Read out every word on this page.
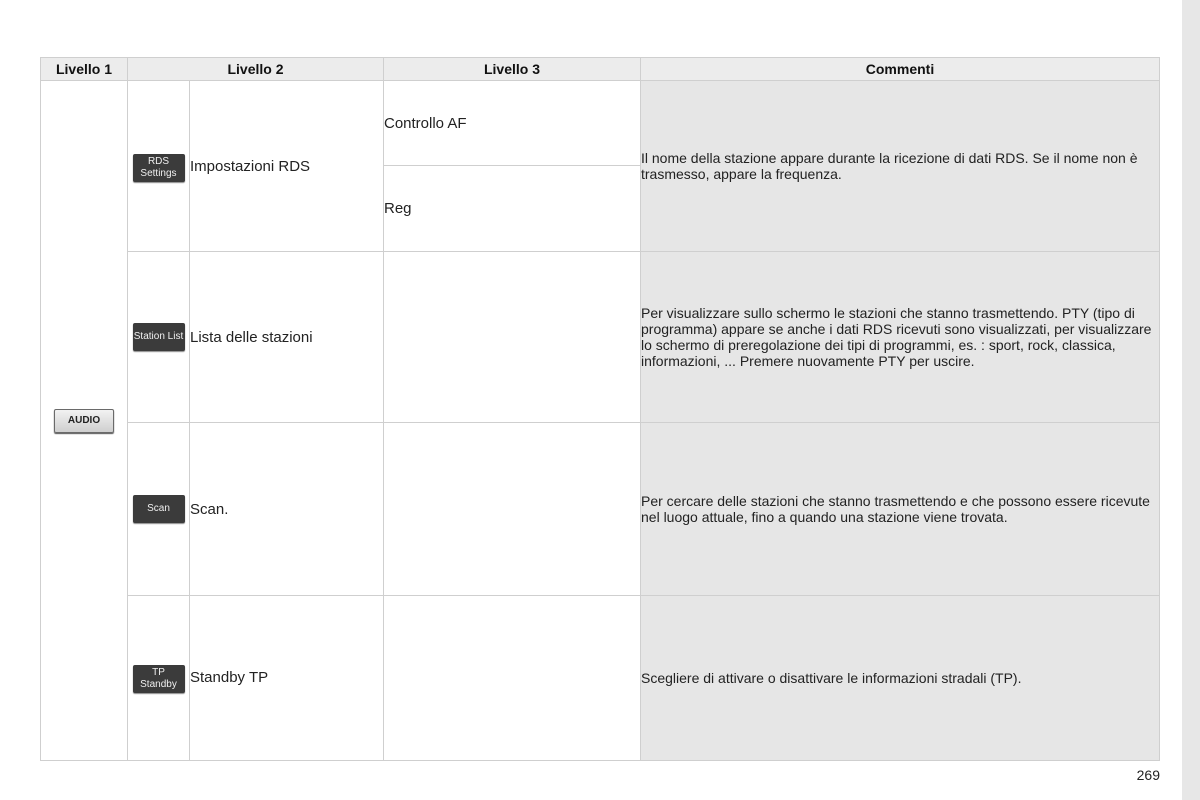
Livello 1	Livello 2		Livello 3	Commenti
AUDIO	RDS Settings	Impostazioni RDS	Controllo AF	Il nome della stazione appare durante la ricezione di dati RDS. Se il nome non è trasmesso, appare la frequenza.
			Reg	
	Station List	Lista delle stazioni		Per visualizzare sullo schermo le stazioni che stanno trasmettendo. PTY (tipo di programma) appare se anche i dati RDS ricevuti sono visualizzati, per visualizzare lo schermo di preregolazione dei tipi di programmi, es. : sport, rock, classica, informazioni, ... Premere nuovamente PTY per uscire.
	Scan	Scan.		Per cercare delle stazioni che stanno trasmettendo e che possono essere ricevute nel luogo attuale, fino a quando una stazione viene trovata.
	TP Standby	Standby TP		Scegliere di attivare o disattivare le informazioni stradali (TP).
269
